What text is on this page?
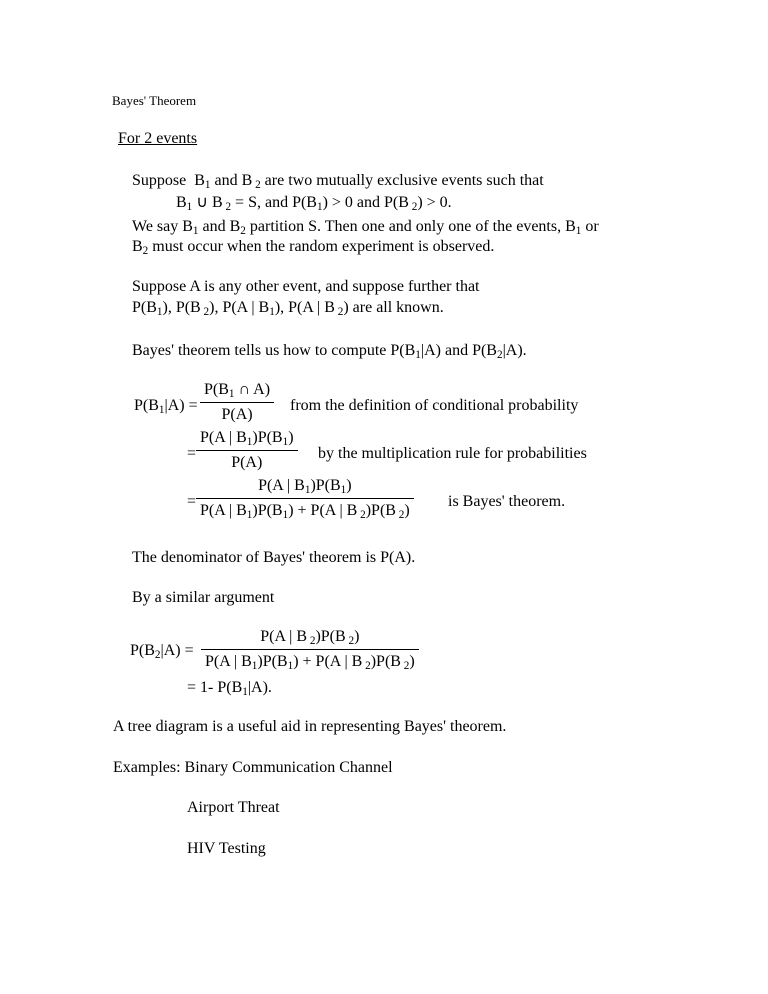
Bayes' Theorem
For 2 events
Suppose  $B_1$ and B $_2$ are two mutually exclusive events such that
$B_1$ ∪ B $_2$ = S, and $P(B_1) > 0$ and P(B $_2$) > 0.
We say $B_1$ and $B_2$ partition S. Then one and only one of the events, $B_1$ or
$B_2$ must occur when the random experiment is observed.
Suppose A is any other event, and suppose further that
$P(B_1)$, P(B $_2$), P(A | $B_1$), P(A | B $_2$) are all known.
Bayes' theorem tells us how to compute $P(B_1|A)$ and $P(B_2|A)$.
$P(B_1|A)$ =
$P(B_1$ ∩ A)
P(A)
from the definition of conditional probability
=
P(A | $B_1)P(B_1)$
P(A)
by the multiplication rule for probabilities
=
P(A | $B_1)P(B_1)$
P(A | $B_1)P(B_1) + P(A$ | B $_2$)P(B $_2$)
is Bayes' theorem.
The denominator of Bayes' theorem is P(A).
By a similar argument
$P(B_2|A)$ =
P(A | B $_2$)P(B $_2$)
P(A | $B_1)P(B_1) + P(A$ | B $_2$)P(B $_2$)
= 1- $P(B_1|A)$.
A tree diagram is a useful aid in representing Bayes' theorem.
Examples: Binary Communication Channel
Airport Threat
HIV Testing
